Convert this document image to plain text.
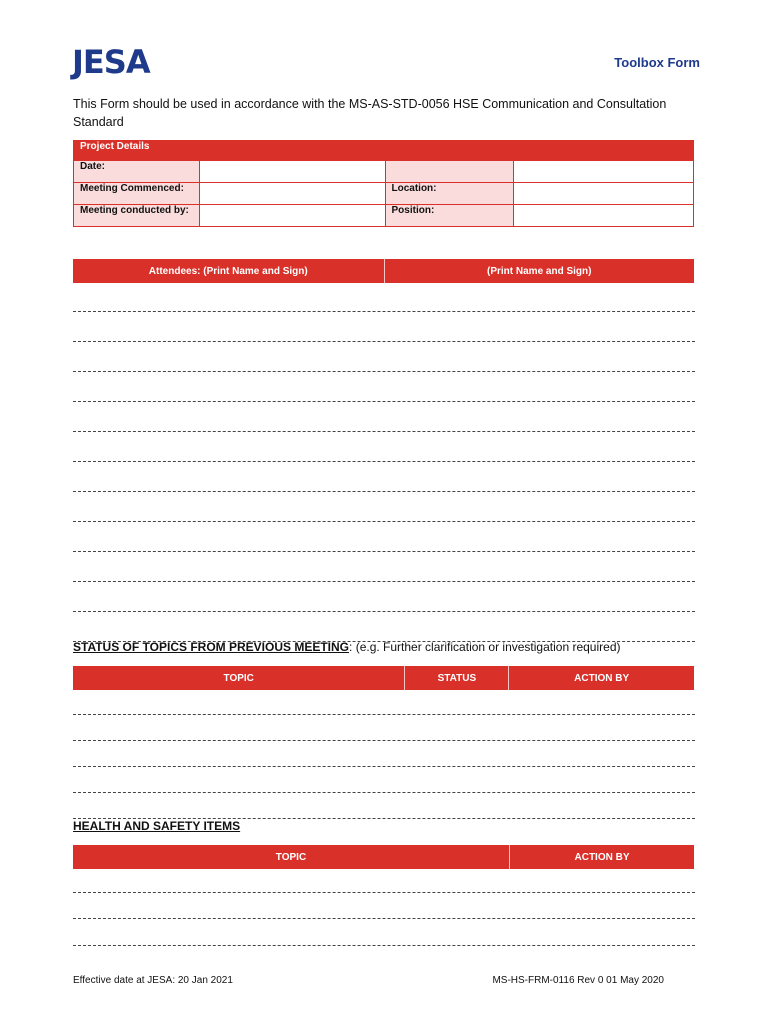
JESA	Toolbox Form
This Form should be used in accordance with the MS-AS-STD-0056 HSE Communication and Consultation Standard
Project Details			
Date:			
Meeting Commenced:		Location:	
Meeting conducted by:		Position:	
Attendees: (Print Name and Sign)	(Print Name and Sign)
STATUS OF TOPICS FROM PREVIOUS MEETING: (e.g. Further clarification or investigation required)
TOPIC	STATUS	ACTION BY
HEALTH AND SAFETY ITEMS
TOPIC	ACTION BY
Effective date at JESA: 20 Jan 2021	MS-HS-FRM-0116 Rev 0 01 May 2020
